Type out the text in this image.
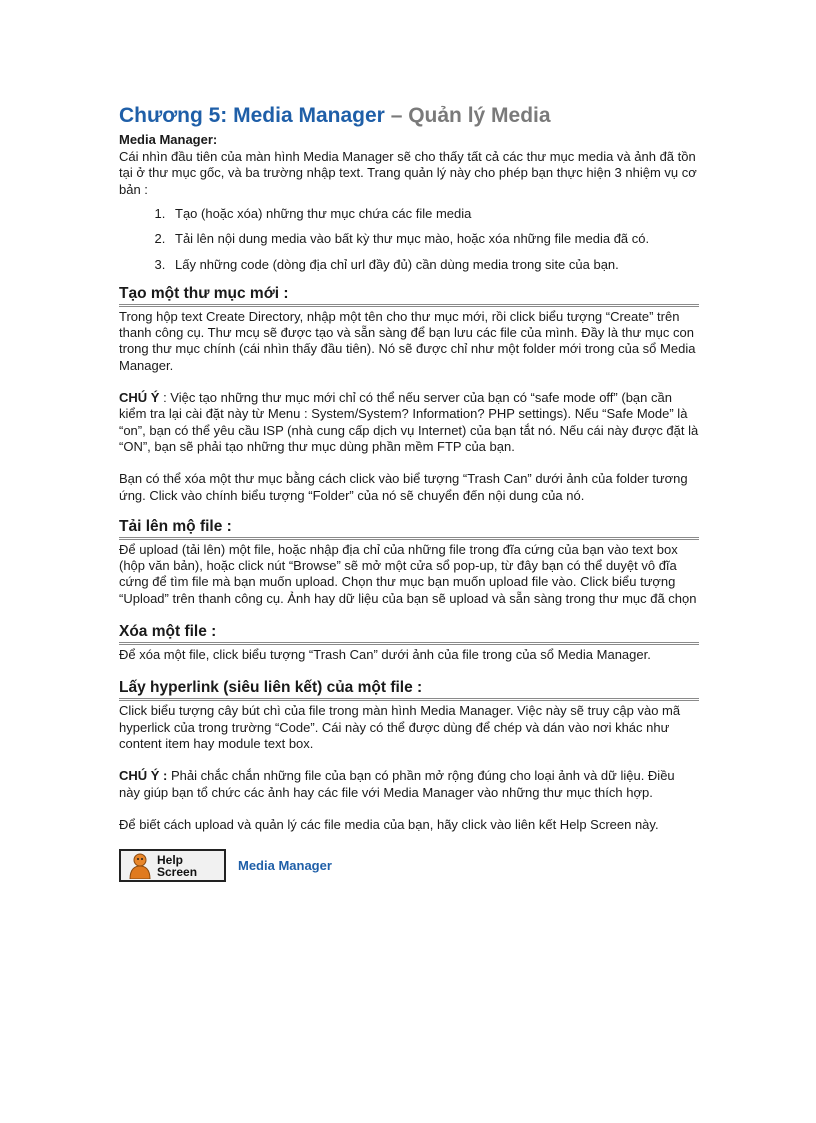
Chương 5: Media Manager – Quản lý Media
Media Manager:

Cái nhìn đầu tiên của màn hình Media Manager sẽ cho thấy tất cả các thư mục media và ảnh đã tồn tại ở thư mục gốc, và ba trường nhập text. Trang quản lý này cho phép bạn thực hiện 3 nhiệm vụ cơ bản :

1. Tạo (hoặc xóa) những thư mục chứa các file media
2. Tải lên nội dung media vào bất kỳ thư mục mào, hoặc xóa những file media đã có.
3. Lấy những code (dòng địa chỉ url đầy đủ) cần dùng media trong site của bạn.
Tạo một thư mục mới :

Trong hộp text Create Directory, nhập một tên cho thư mục mới, rồi click biểu tượng “Create” trên thanh công cụ. Thư mcụ sẽ được tạo và sẵn sàng để bạn lưu các file của mình. Đầy là thư mục con trong thư mục chính (cái nhìn thấy đầu tiên). Nó sẽ được chỉ như một folder mới trong của sổ Media Manager.

CHÚ Ý : Việc tạo những thư mục mới chỉ có thể nếu server của bạn có “safe mode off” (bạn cần kiểm tra lại cài đặt này từ Menu : System/System? Information? PHP settings). Nếu “Safe Mode” là “on”, bạn có thể yêu cầu ISP (nhà cung cấp dịch vụ Internet) của bạn tắt nó. Nếu cái này được đặt là “ON”, bạn sẽ phải tạo những thư mục dùng phần mềm FTP của bạn.

Bạn có thể xóa một thư mục bằng cách click vào biể tượng “Trash Can” dưới ảnh của folder tương ứng. Click vào chính biểu tượng “Folder” của nó sẽ chuyển đến nội dung của nó.

Tải lên mộ file :

Để upload (tải lên) một file, hoặc nhập địa chỉ của những file trong đĩa cứng của bạn vào text box (hộp văn bản), hoặc click nút “Browse” sẽ mở một cửa sổ pop-up, từ đây bạn có thể duyệt vô đĩa cứng để tìm file mà bạn muốn upload. Chọn thư mục bạn muốn upload file vào. Click biểu tượng “Upload” trên thanh công cụ. Ảnh hay dữ liệu của bạn sẽ upload và sẵn sàng trong thư mục đã chọn

Xóa một file :

Để xóa một file, click biểu tượng “Trash Can” dưới ảnh của file trong của sổ Media Manager.

Lấy hyperlink (siêu liên kết) của một file :

Click biểu tượng cây bút chì của file trong màn hình Media Manager. Việc này sẽ truy cập vào mã hyperlick của trong trường “Code”. Cái này có thể được dùng để chép và dán vào nơi khác như content item hay module text box.

CHÚ Ý : Phải chắc chắn những file của bạn có phần mở rộng đúng cho loại ảnh và dữ liệu. Điều này giúp bạn tổ chức các ảnh hay các file với Media Manager vào những thư mục thích hợp.

Để biết cách upload và quản lý các file media của bạn, hãy click vào liên kết Help Screen này.

Help
Screen	Media Manager
